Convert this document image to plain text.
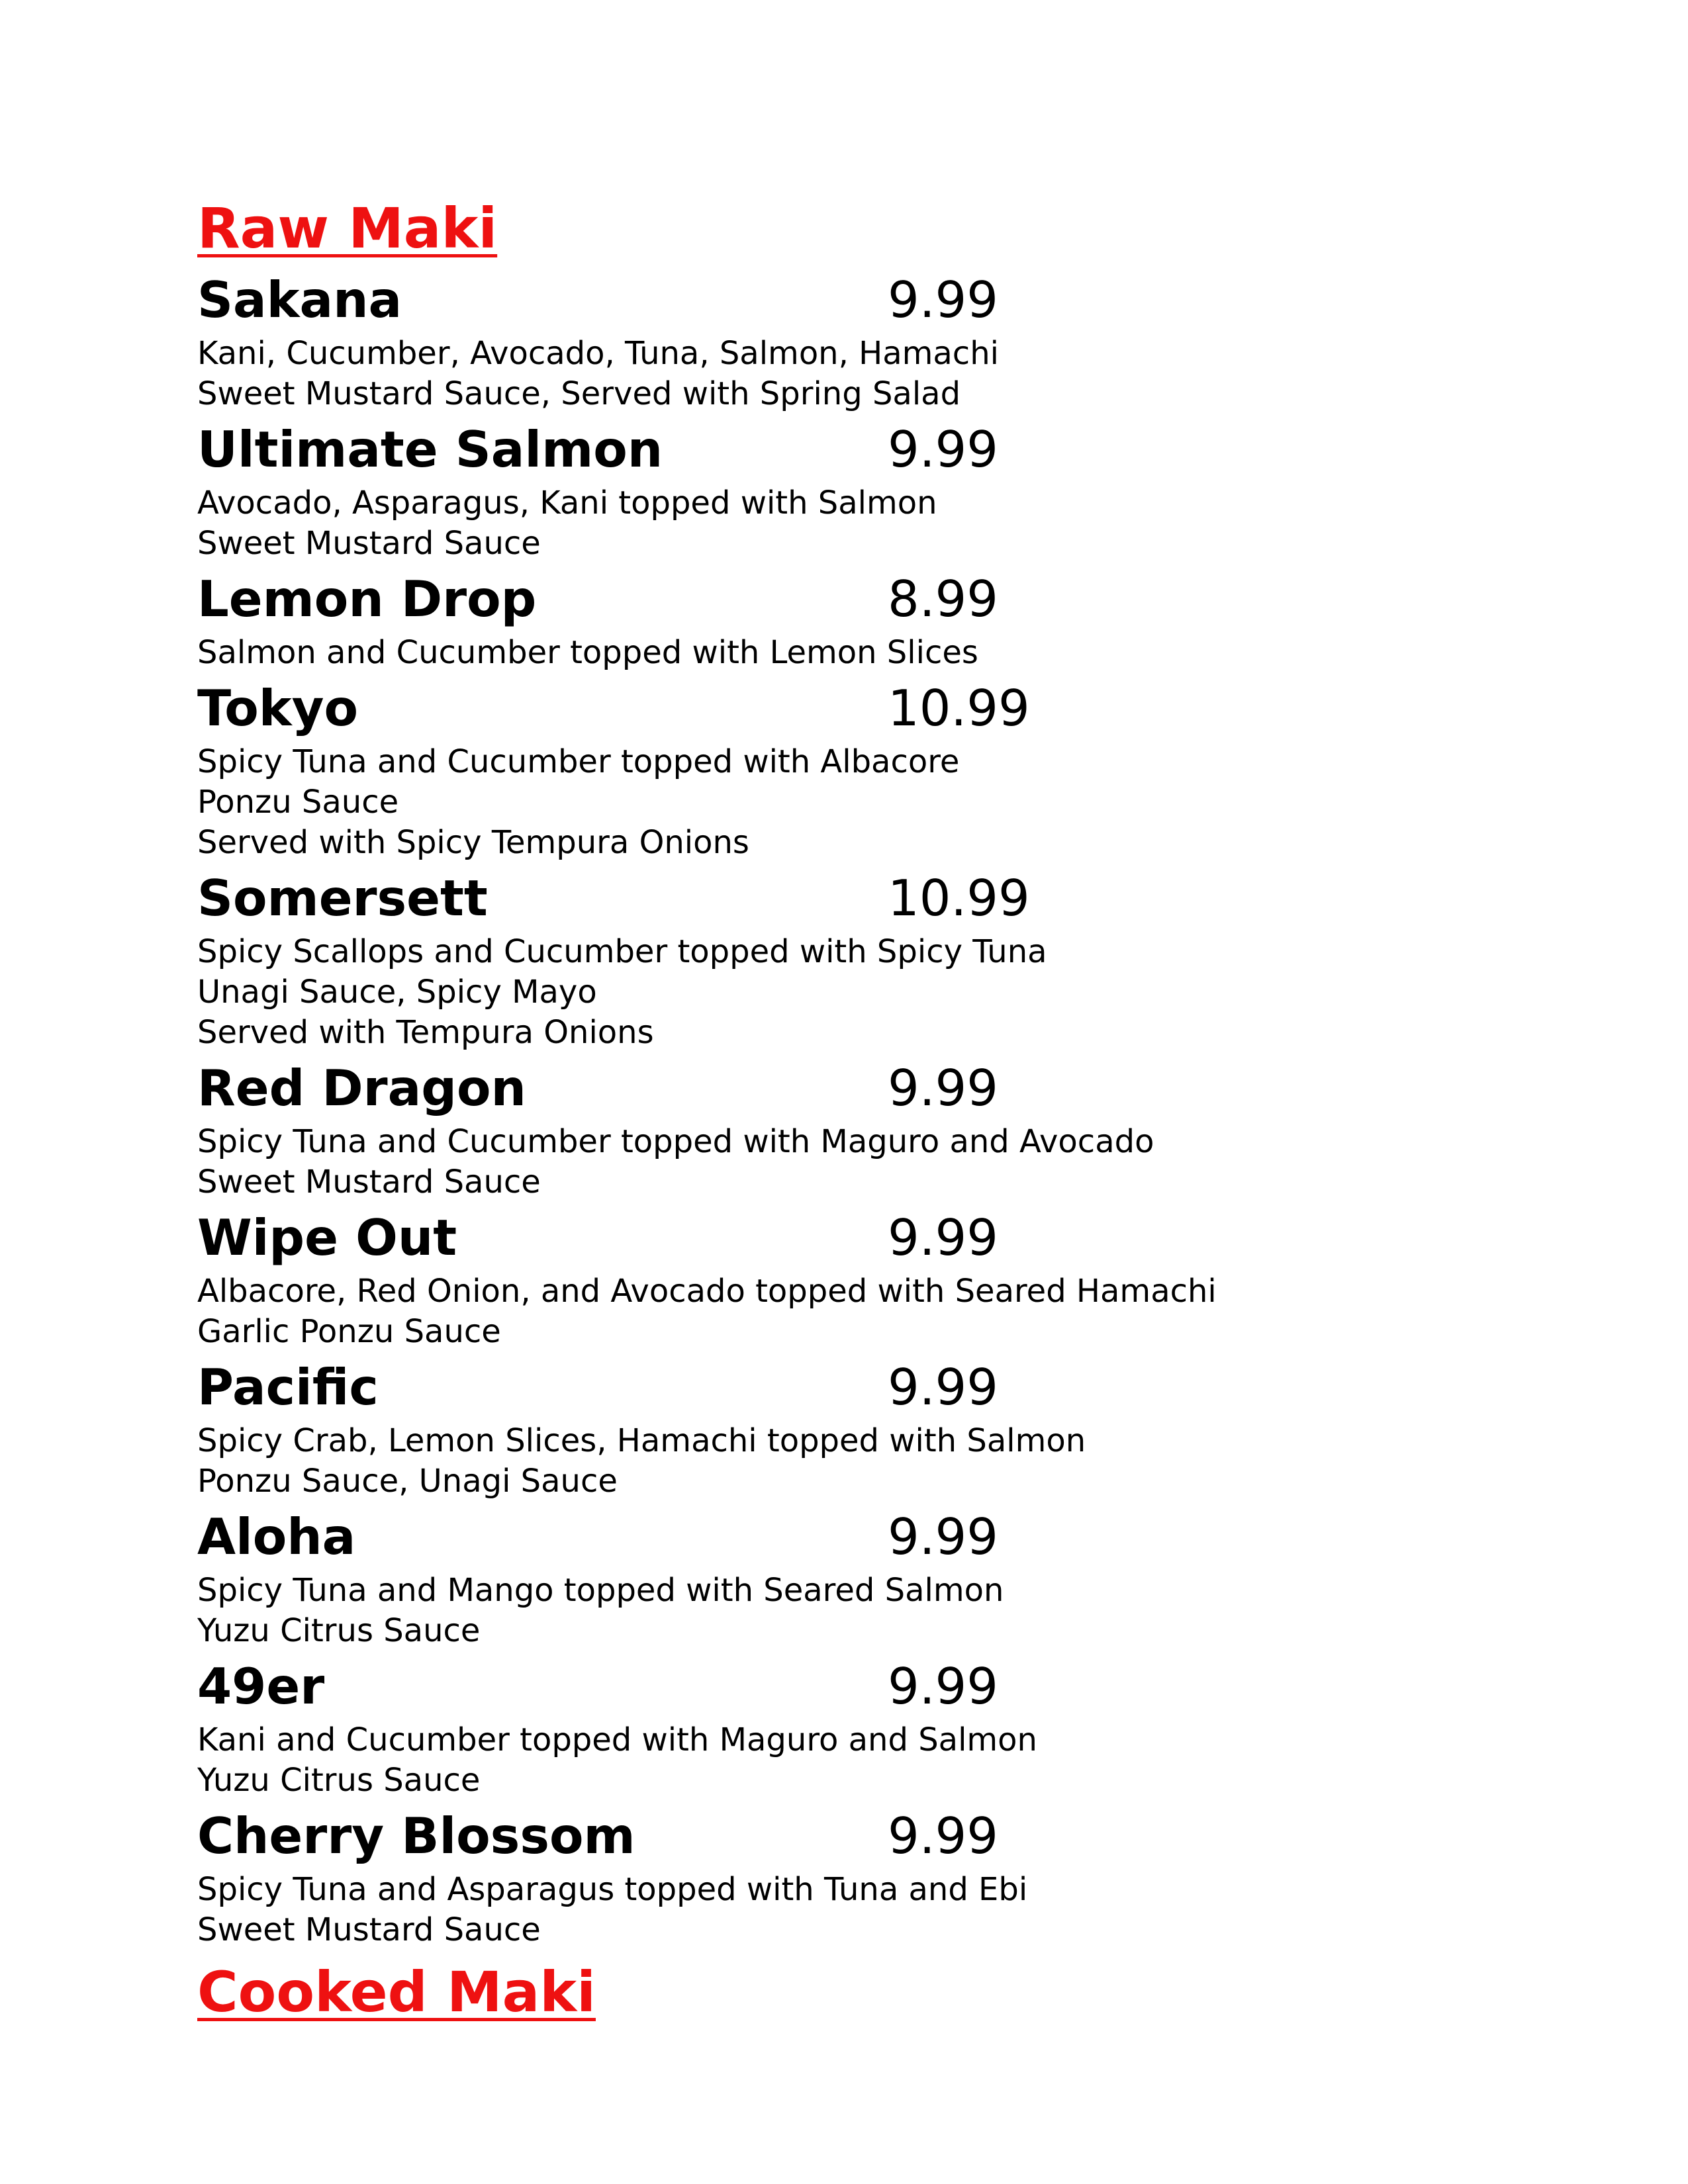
Raw Maki
Sakana	9.99
Kani, Cucumber, Avocado, Tuna, Salmon, Hamachi
Sweet Mustard Sauce, Served with Spring Salad
Ultimate Salmon	9.99
Avocado, Asparagus, Kani topped with Salmon
Sweet Mustard Sauce
Lemon Drop	8.99
Salmon and Cucumber topped with Lemon Slices
Tokyo	10.99
Spicy Tuna and Cucumber topped with Albacore
Ponzu Sauce
Served with Spicy Tempura Onions
Somersett	10.99
Spicy Scallops and Cucumber topped with Spicy Tuna
Unagi Sauce, Spicy Mayo
Served with Tempura Onions
Red Dragon	9.99
Spicy Tuna and Cucumber topped with Maguro and Avocado
Sweet Mustard Sauce
Wipe Out	9.99
Albacore, Red Onion, and Avocado topped with Seared Hamachi
Garlic Ponzu Sauce
Pacific	9.99
Spicy Crab, Lemon Slices, Hamachi topped with Salmon
Ponzu Sauce, Unagi Sauce
Aloha	9.99
Spicy Tuna and Mango topped with Seared Salmon
Yuzu Citrus Sauce
49er	9.99
Kani and Cucumber topped with Maguro and Salmon
Yuzu Citrus Sauce
Cherry Blossom	9.99
Spicy Tuna and Asparagus topped with Tuna and Ebi
Sweet Mustard Sauce
Cooked Maki
